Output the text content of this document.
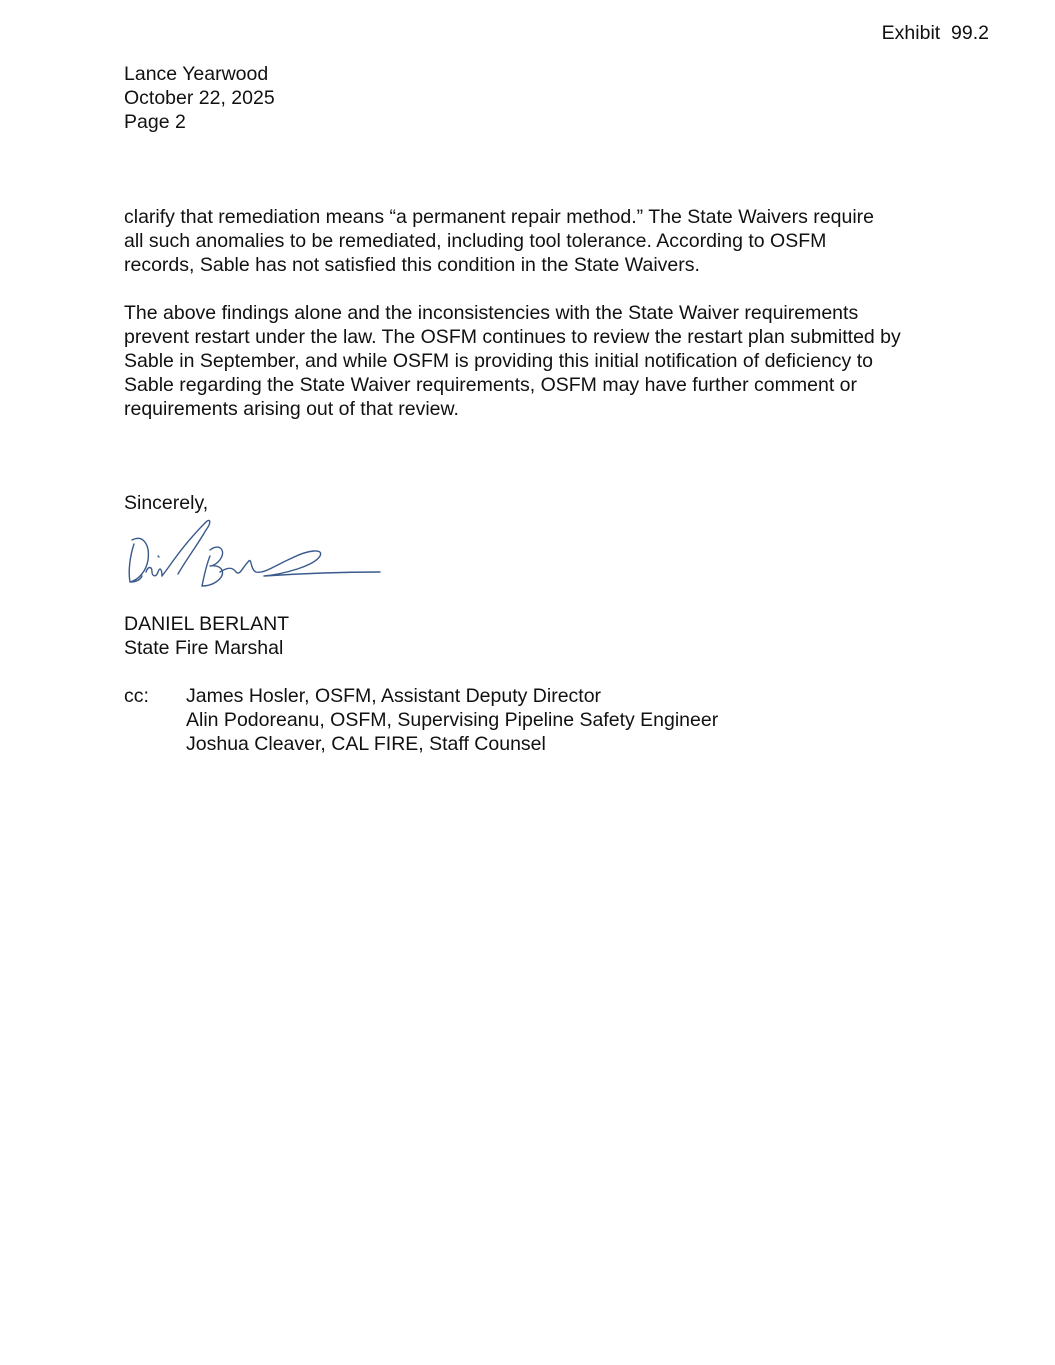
Exhibit  99.2
Lance Yearwood
October 22, 2025
Page 2
clarify that remediation means “a permanent repair method.” The State Waivers require
all such anomalies to be remediated, including tool tolerance. According to OSFM
records, Sable has not satisfied this condition in the State Waivers.
The above findings alone and the inconsistencies with the State Waiver requirements
prevent restart under the law. The OSFM continues to review the restart plan submitted by
Sable in September, and while OSFM is providing this initial notification of deficiency to
Sable regarding the State Waiver requirements, OSFM may have further comment or
requirements arising out of that review.
Sincerely,
DANIEL BERLANT
State Fire Marshal
cc:	James Hosler, OSFM, Assistant Deputy Director
Alin Podoreanu, OSFM, Supervising Pipeline Safety Engineer
Joshua Cleaver, CAL FIRE, Staff Counsel
